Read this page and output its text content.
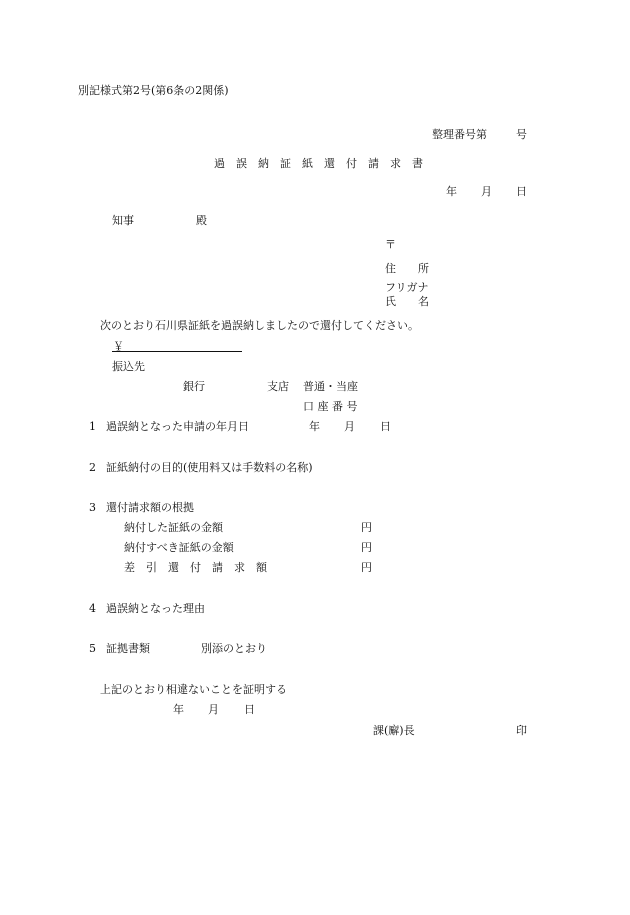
別記様式第2号(第6条の2関係)
整理番号第	号
過　誤　納　証　紙　還　付　請　求　書
年 月 日
知事	殿
〒
住　　所
フリガナ
氏　　名
次のとおり石川県証紙を過誤納しましたので還付してください。
￥
振込先
銀行	支店 普通・当座
口 座 番 号
1 過誤納となった申請の年月日	年 月 日
2 証紙納付の目的(使用料又は手数料の名称)
3 還付請求額の根拠
納付した証紙の金額	円
納付すべき証紙の金額	円
差　引　還　付　請　求　額	円
4 過誤納となった理由
5 証拠書類	別添のとおり
上記のとおり相違ないことを証明する
年 月 日
課(廨)長	印
